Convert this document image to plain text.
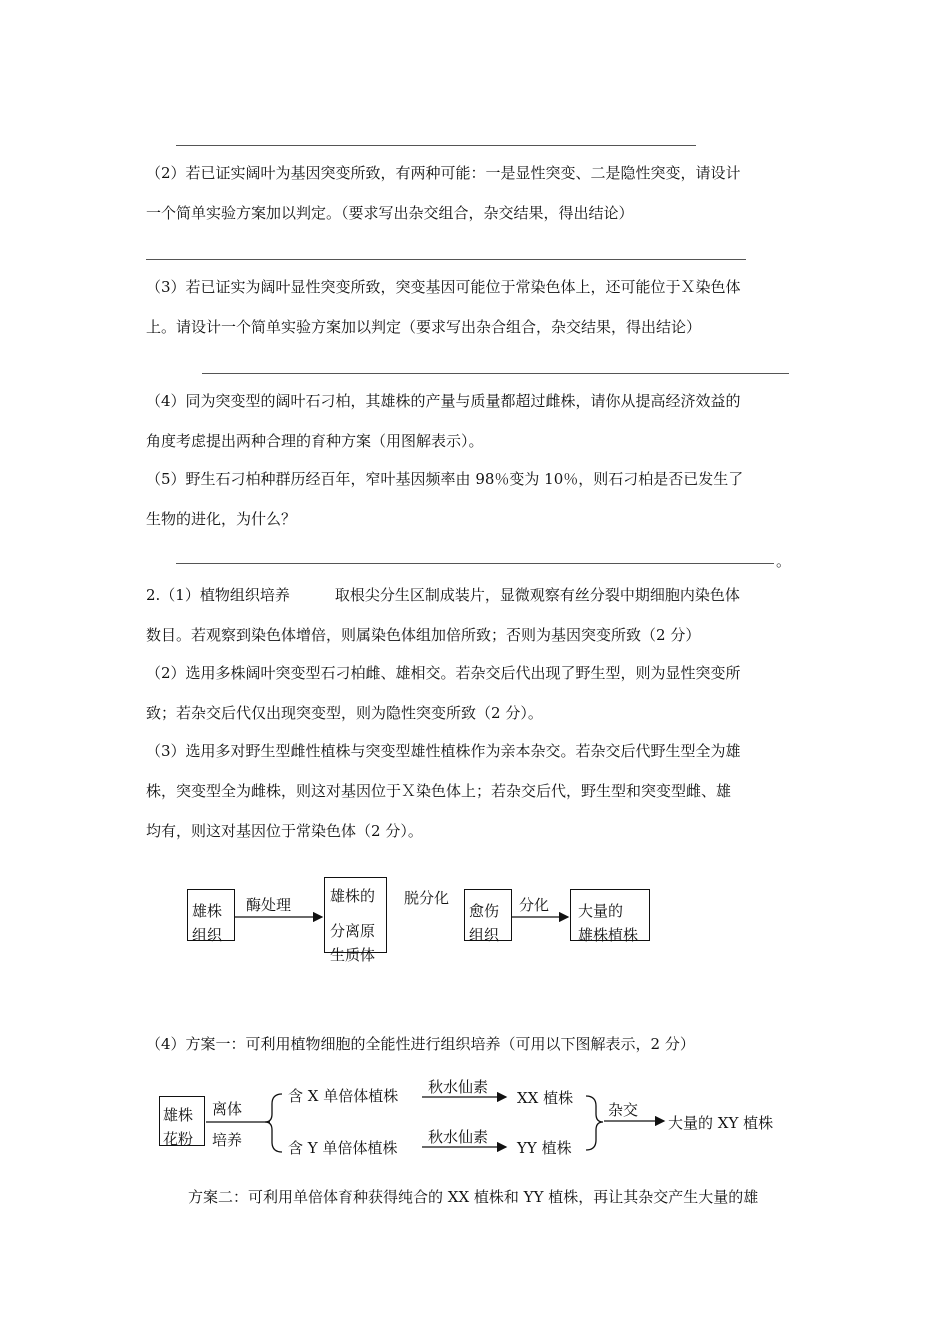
。
（2）若已证实阔叶为基因突变所致，有两种可能：一是显性突变、二是隐性突变，请设计
一个简单实验方案加以判定。（要求写出杂交组合，杂交结果，得出结论）
（3）若已证实为阔叶显性突变所致，突变基因可能位于常染色体上，还可能位于Ｘ染色体
上。请设计一个简单实验方案加以判定（要求写出杂合组合，杂交结果，得出结论）
（4）同为突变型的阔叶石刁柏，其雄株的产量与质量都超过雌株，请你从提高经济效益的
角度考虑提出两种合理的育种方案（用图解表示）。
（5）野生石刁柏种群历经百年，窄叶基因频率由 98％变为 10％，则石刁柏是否已发生了
生物的进化，为什么？
2.（1）植物组织培养　　　取根尖分生区制成装片，显微观察有丝分裂中期细胞内染色体
数目。若观察到染色体增倍，则属染色体组加倍所致；否则为基因突变所致（2 分）
（2）选用多株阔叶突变型石刁柏雌、雄相交。若杂交后代出现了野生型，则为显性突变所
致；若杂交后代仅出现突变型，则为隐性突变所致（2 分）。
（3）选用多对野生型雌性植株与突变型雄性植株作为亲本杂交。若杂交后代野生型全为雄
株，突变型全为雌株，则这对基因位于Ｘ染色体上；若杂交后代，野生型和突变型雌、雄
均有，则这对基因位于常染色体（2 分）。
雄株
组织
酶处理	雄株的
分离原
生质体
脱分化
愈伤
组织
分化 大量的
雄株植株
（4）方案一：可利用植物细胞的全能性进行组织培养（可用以下图解表示，2 分）
雄株
花粉
离体
培养
含 X 单倍体植株
含 Y 单倍体植株
秋水仙素
秋水仙素
XX 植株
YY 植株
杂交
大量的 XY 植株
方案二：可利用单倍体育种获得纯合的 XX 植株和 YY 植株，再让其杂交产生大量的雄
